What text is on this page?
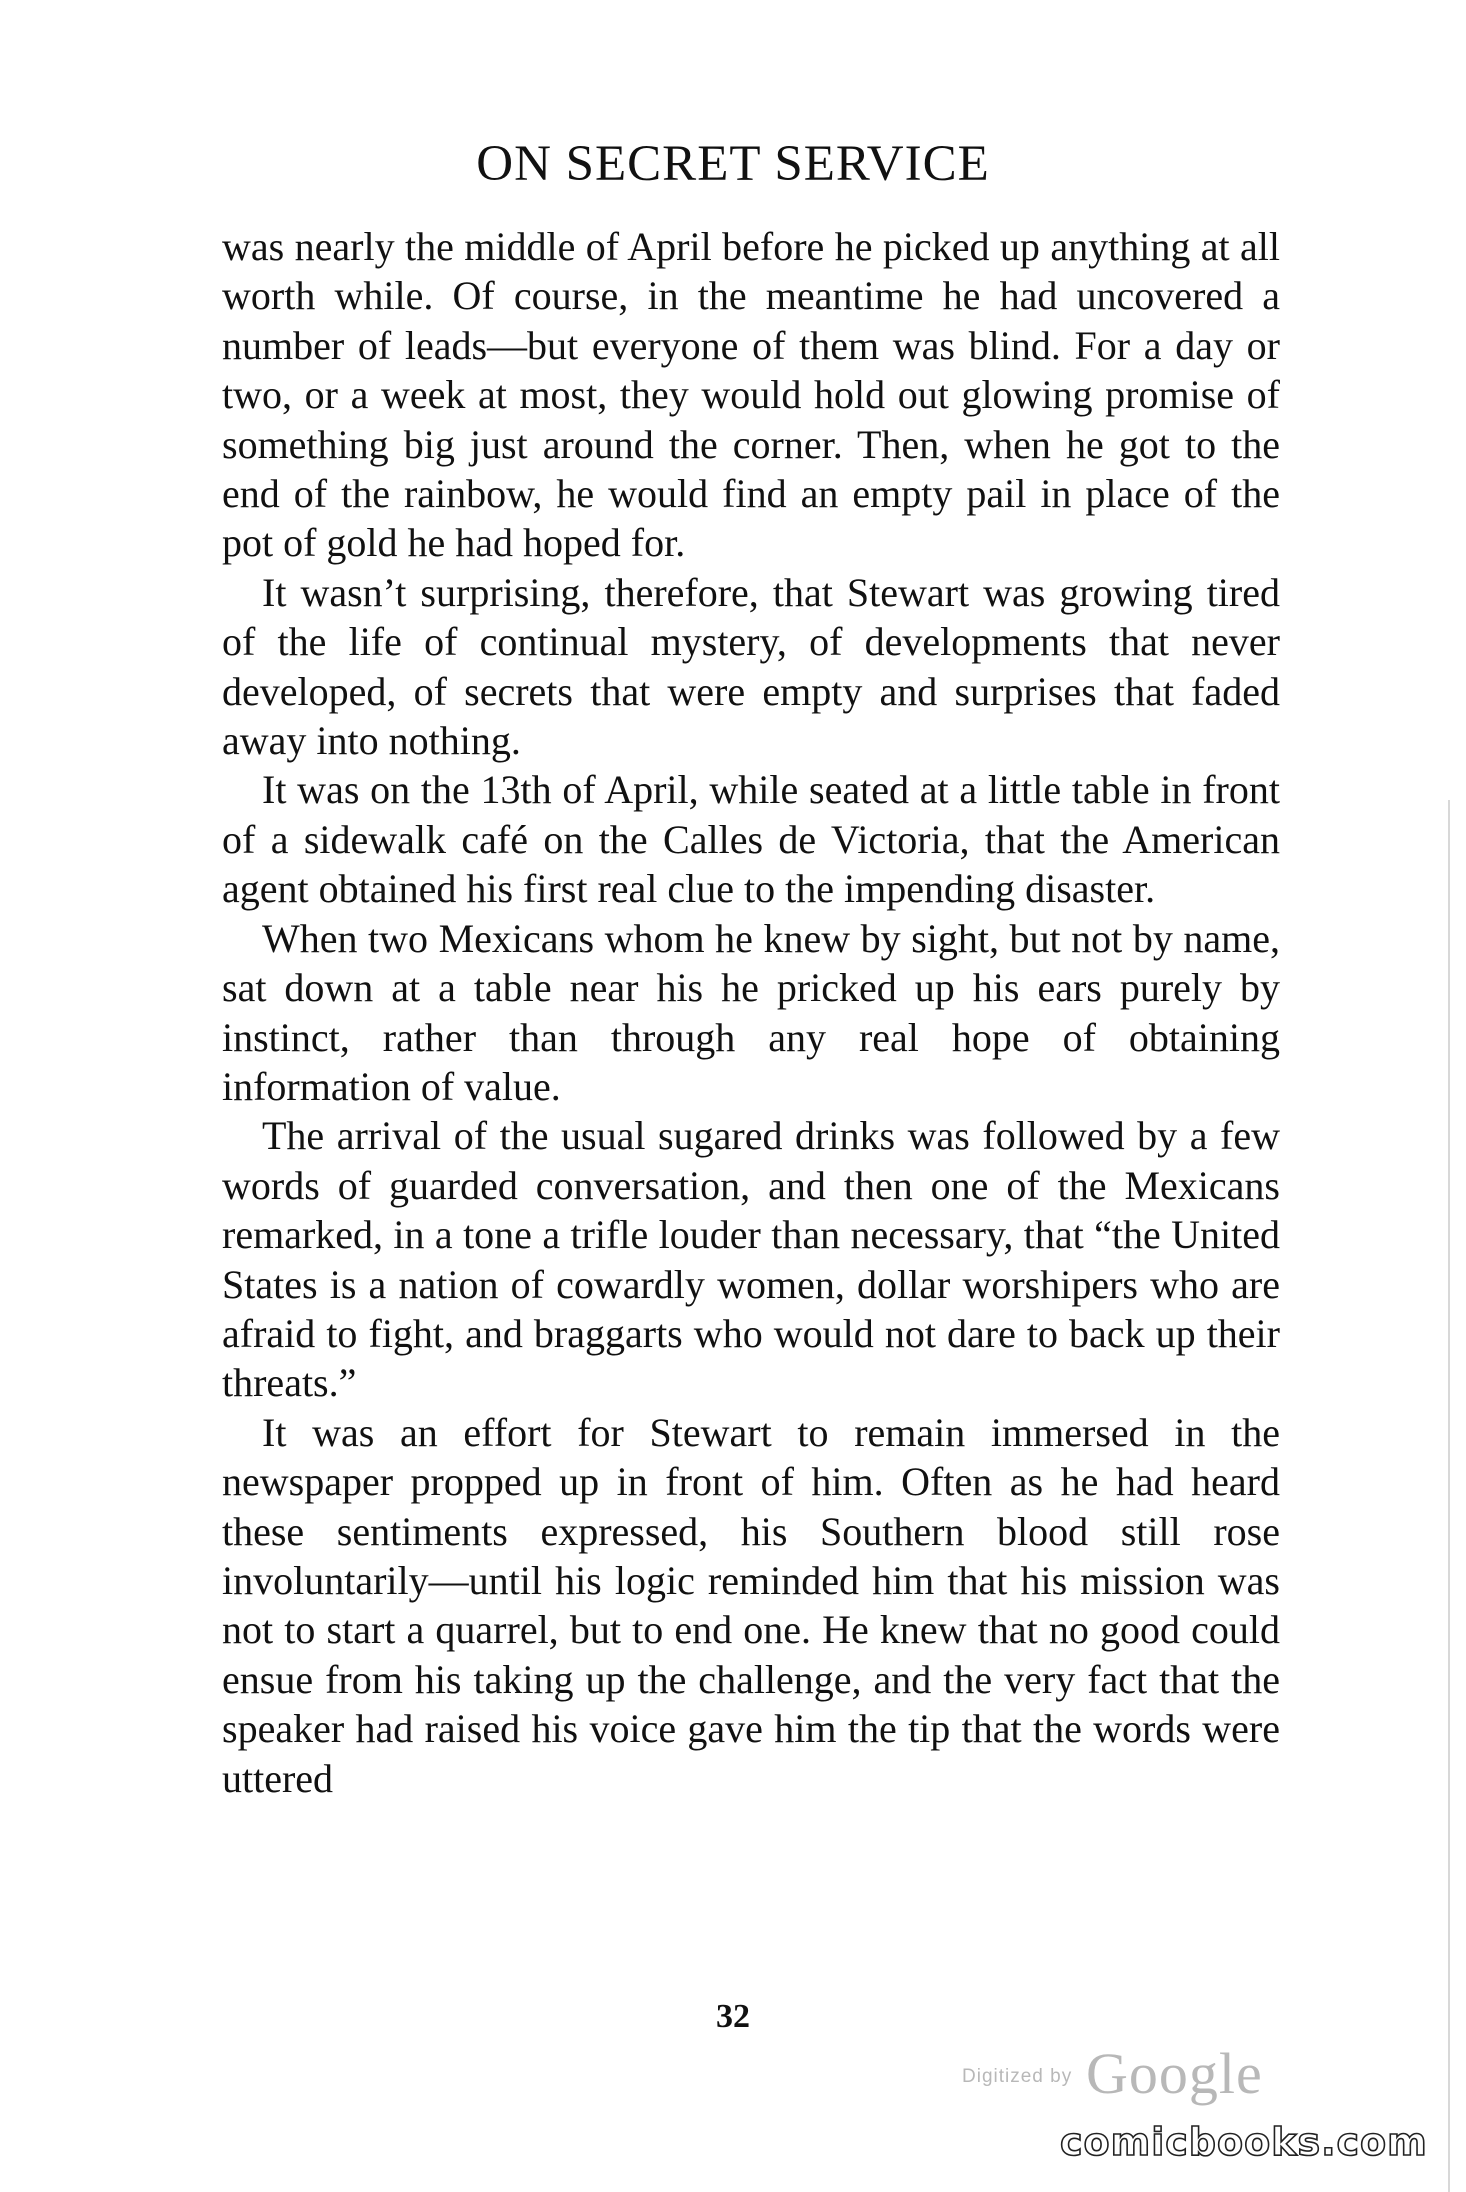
ON SECRET SERVICE

was nearly the middle of April before he picked up anything at all worth while. Of course, in the meantime he had uncovered a number of leads—but everyone of them was blind. For a day or two, or a week at most, they would hold out glowing promise of something big just around the corner. Then, when he got to the end of the rainbow, he would find an empty pail in place of the pot of gold he had hoped for.

It wasn’t surprising, therefore, that Stewart was growing tired of the life of continual mystery, of developments that never developed, of secrets that were empty and surprises that faded away into nothing.

It was on the 13th of April, while seated at a little table in front of a sidewalk café on the Calles de Victoria, that the American agent obtained his first real clue to the impending disaster.

When two Mexicans whom he knew by sight, but not by name, sat down at a table near his he pricked up his ears purely by instinct, rather than through any real hope of obtaining information of value.

The arrival of the usual sugared drinks was followed by a few words of guarded conversation, and then one of the Mexicans remarked, in a tone a trifle louder than necessary, that “the United States is a nation of cowardly women, dollar worshipers who are afraid to fight, and braggarts who would not dare to back up their threats.”

It was an effort for Stewart to remain immersed in the newspaper propped up in front of him. Often as he had heard these sentiments expressed, his Southern blood still rose involuntarily—until his logic reminded him that his mission was not to start a quarrel, but to end one. He knew that no good could ensue from his taking up the challenge, and the very fact that the speaker had raised his voice gave him the tip that the words were uttered

32
Digitized by Google
comicbooks.com
